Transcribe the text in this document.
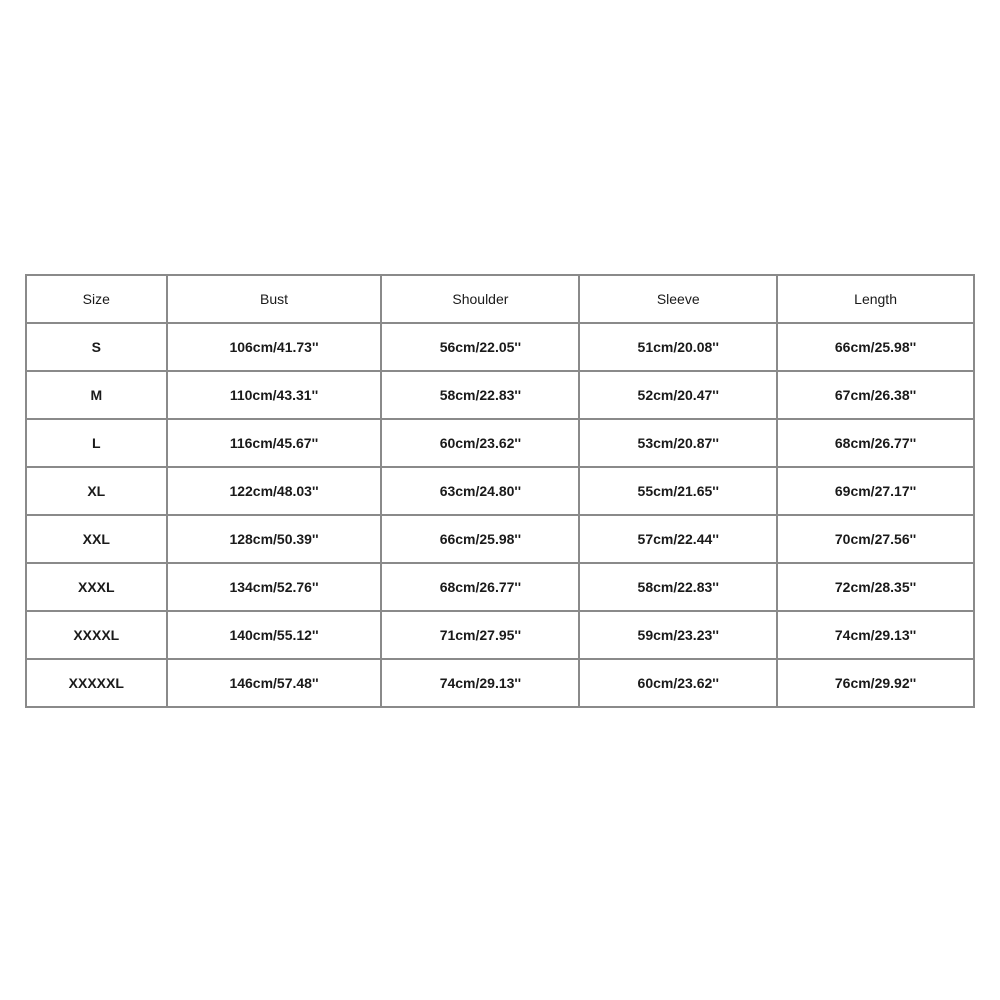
Size	Bust	Shoulder	Sleeve	Length
S	106cm/41.73''	56cm/22.05''	51cm/20.08''	66cm/25.98''
M	110cm/43.31''	58cm/22.83''	52cm/20.47''	67cm/26.38''
L	116cm/45.67''	60cm/23.62''	53cm/20.87''	68cm/26.77''
XL	122cm/48.03''	63cm/24.80''	55cm/21.65''	69cm/27.17''
XXL	128cm/50.39''	66cm/25.98''	57cm/22.44''	70cm/27.56''
XXXL	134cm/52.76''	68cm/26.77''	58cm/22.83''	72cm/28.35''
XXXXL	140cm/55.12''	71cm/27.95''	59cm/23.23''	74cm/29.13''
XXXXXL	146cm/57.48''	74cm/29.13''	60cm/23.62''	76cm/29.92''
